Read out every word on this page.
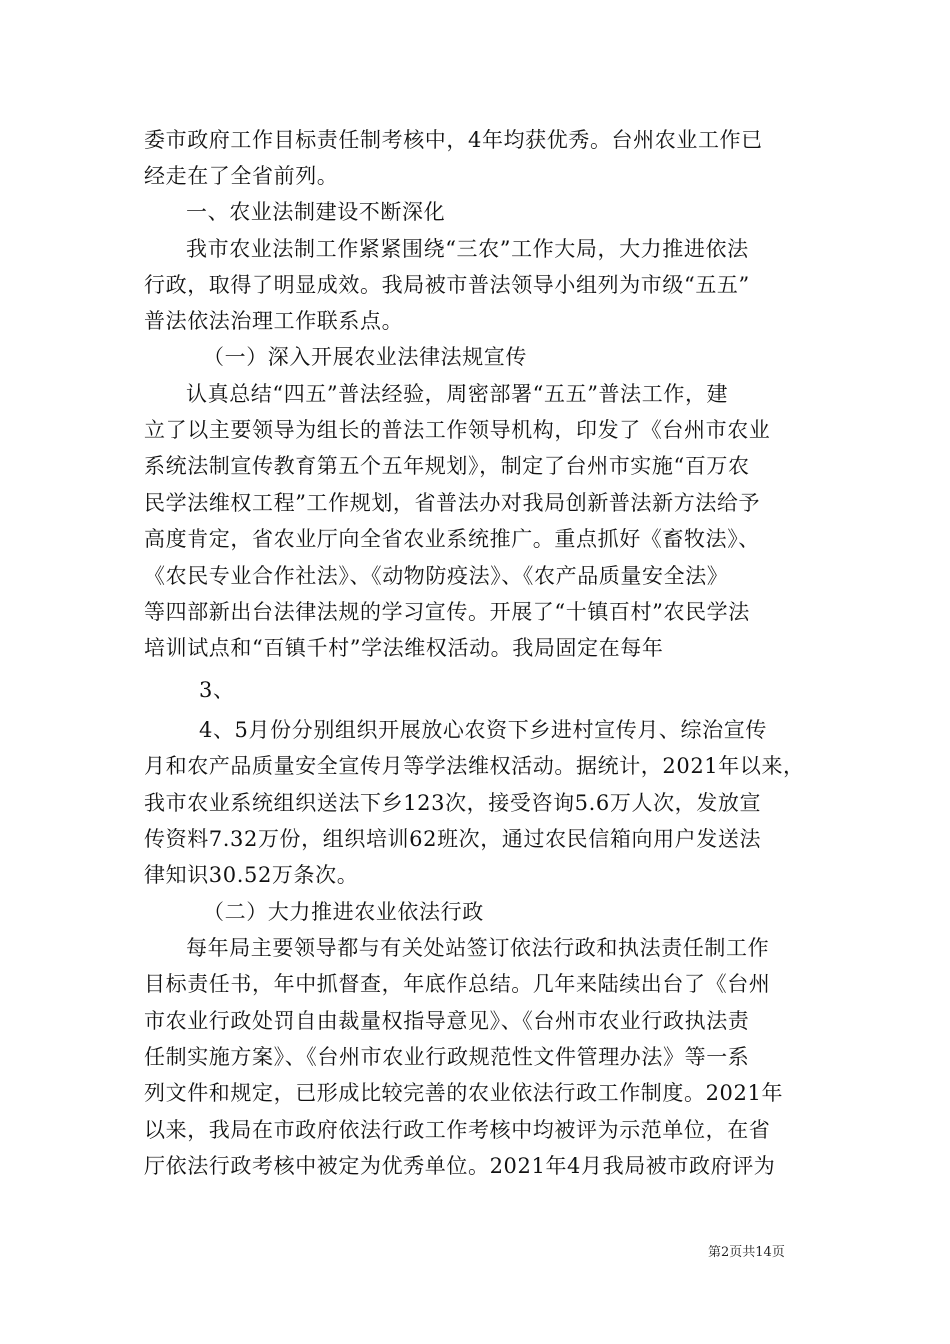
委市政府工作目标责任制考核中，4年均获优秀。台州农业工作已
经走在了全省前列。
一、农业法制建设不断深化
我市农业法制工作紧紧围绕“三农”工作大局，大力推进依法
行政，取得了明显成效。我局被市普法领导小组列为市级“五五”
普法依法治理工作联系点。
（一）深入开展农业法律法规宣传
认真总结“四五”普法经验，周密部署“五五”普法工作，建
立了以主要领导为组长的普法工作领导机构，印发了《台州市农业
系统法制宣传教育第五个五年规划》，制定了台州市实施“百万农
民学法维权工程”工作规划，省普法办对我局创新普法新方法给予
高度肯定，省农业厅向全省农业系统推广。重点抓好《畜牧法》、
《农民专业合作社法》、《动物防疫法》、《农产品质量安全法》
等四部新出台法律法规的学习宣传。开展了“十镇百村”农民学法
培训试点和“百镇千村”学法维权活动。我局固定在每年
3、
4、5月份分别组织开展放心农资下乡进村宣传月、综治宣传
月和农产品质量安全宣传月等学法维权活动。据统计，2021年以来，
我市农业系统组织送法下乡123次，接受咨询5.6万人次，发放宣
传资料7.32万份，组织培训62班次，通过农民信箱向用户发送法
律知识30.52万条次。
（二）大力推进农业依法行政
每年局主要领导都与有关处站签订依法行政和执法责任制工作
目标责任书，年中抓督查，年底作总结。几年来陆续出台了《台州
市农业行政处罚自由裁量权指导意见》、《台州市农业行政执法责
任制实施方案》、《台州市农业行政规范性文件管理办法》等一系
列文件和规定，已形成比较完善的农业依法行政工作制度。2021年
以来，我局在市政府依法行政工作考核中均被评为示范单位，在省
厅依法行政考核中被定为优秀单位。2021年4月我局被市政府评为
第2页共14页
